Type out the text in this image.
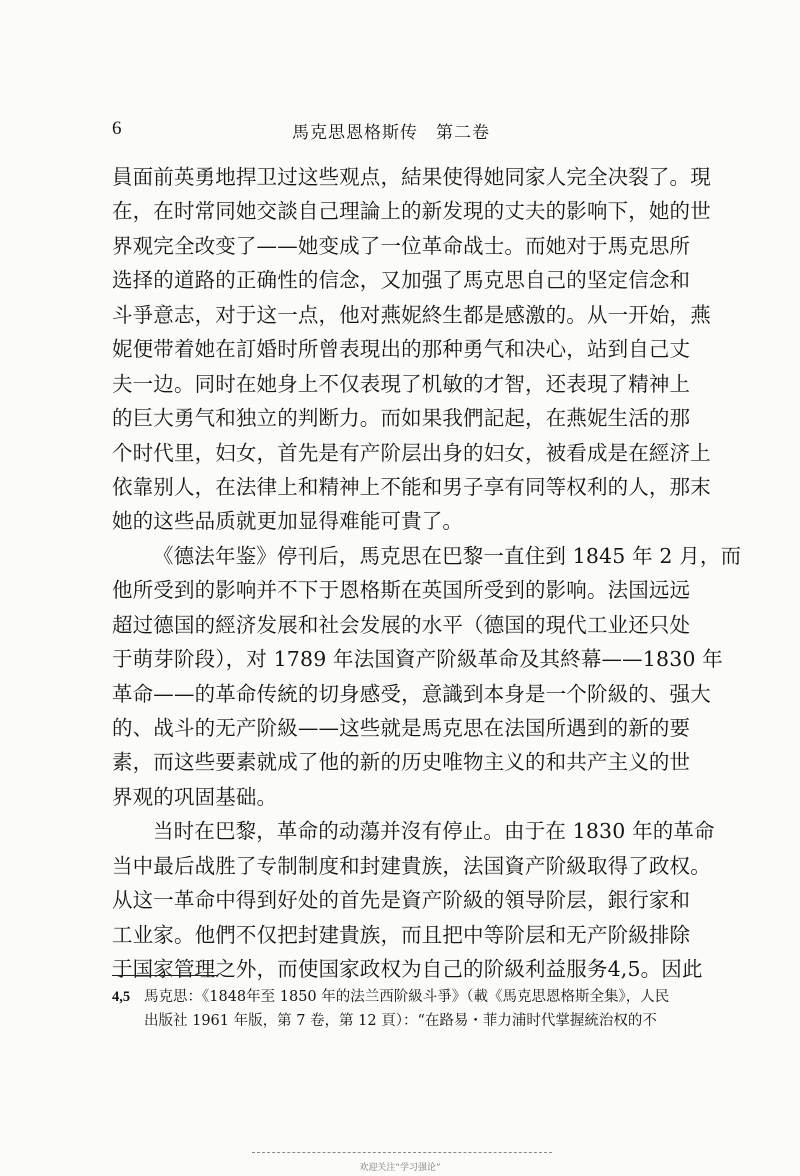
6	馬克思恩格斯传　第二卷
員面前英勇地捍卫过这些观点，結果使得她同家人完全决裂了。現
在，在时常同她交談自己理論上的新发現的丈夫的影响下，她的世
界观完全改变了——她变成了一位革命战士。而她对于馬克思所
选择的道路的正确性的信念，又加强了馬克思自己的坚定信念和
斗爭意志，对于这一点，他对燕妮終生都是感激的。从一开始，燕
妮便带着她在訂婚时所曾表現出的那种勇气和决心，站到自己丈
夫一边。同时在她身上不仅表現了机敏的才智，还表現了精神上
的巨大勇气和独立的判断力。而如果我們記起，在燕妮生活的那
个时代里，妇女，首先是有产阶层出身的妇女，被看成是在經济上
依靠别人，在法律上和精神上不能和男子享有同等权利的人，那末
她的这些品质就更加显得难能可貴了。
《德法年鉴》停刊后，馬克思在巴黎一直住到 1845 年 2 月，而
他所受到的影响并不下于恩格斯在英国所受到的影响。法国远远
超过德国的經济发展和社会发展的水平（德国的現代工业还只处
于萌芽阶段），对 1789 年法国資产阶級革命及其終幕——1830 年
革命——的革命传統的切身感受，意識到本身是一个阶級的、强大
的、战斗的无产阶級——这些就是馬克思在法国所遇到的新的要
素，而这些要素就成了他的新的历史唯物主义的和共产主义的世
界观的巩固基础。
当时在巴黎，革命的动蕩并沒有停止。由于在 1830 年的革命
当中最后战胜了专制制度和封建貴族，法国資产阶級取得了政权。
从这一革命中得到好处的首先是資产阶級的領导阶层，銀行家和
工业家。他們不仅把封建貴族，而且把中等阶层和无产阶級排除
于国家管理之外，而使国家政权为自己的阶級利益服务4,5。因此
4,5 馬克思：《1848年至 1850 年的法兰西阶級斗爭》（載《馬克思恩格斯全集》，人民
出版社 1961 年版，第 7 卷，第 12 頁）：“在路易・菲力浦时代掌握統治权的不
欢迎关注“学习强论”
